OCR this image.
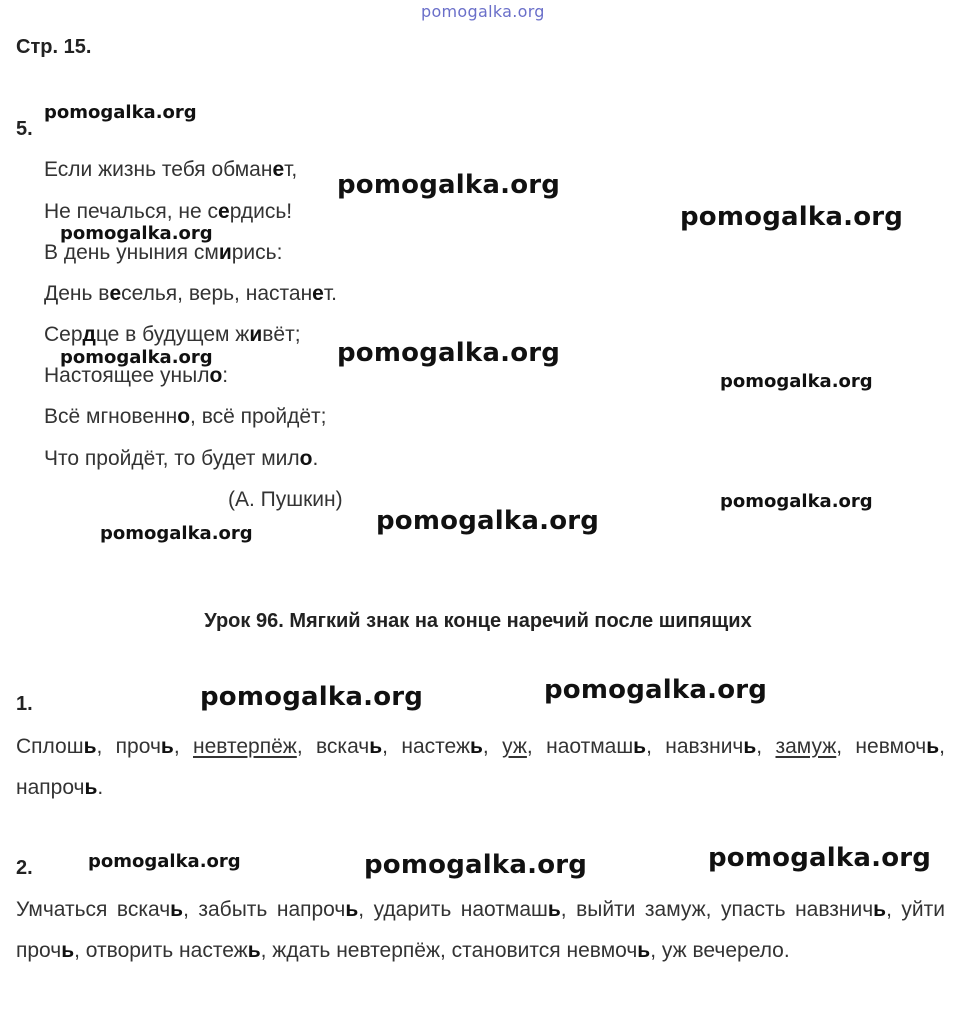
pomogalka.org
Стр. 15.
5.
Если жизнь тебя обманет,
Не печалься, не сердись!
В день уныния смирись:
День веселья, верь, настанет.
Сердце в будущем живёт;
Настоящее уныло:
Всё мгновенно, всё пройдёт;
Что пройдёт, то будет мило.
(А. Пушкин)
Урок 96. Мягкий знак на конце наречий после шипящих
1.
Сплошь, прочь, невтерпёж, вскачь, настежь, уж, наотмашь, навзничь, замуж, невмочь, напрочь.
2.
Умчаться вскачь, забыть напрочь, ударить наотмашь, выйти замуж, упасть навзничь, уйти прочь, отворить настежь, ждать невтерпёж, становится невмочь, уж вечерело.
pomogalka.org
pomogalka.org
pomogalka.org
pomogalka.org
pomogalka.org	pomogalka.org
pomogalka.org
pomogalka.org
pomogalka.org
pomogalka.org
pomogalka.org	pomogalka.org
pomogalka.org	pomogalka.org	pomogalka.org
